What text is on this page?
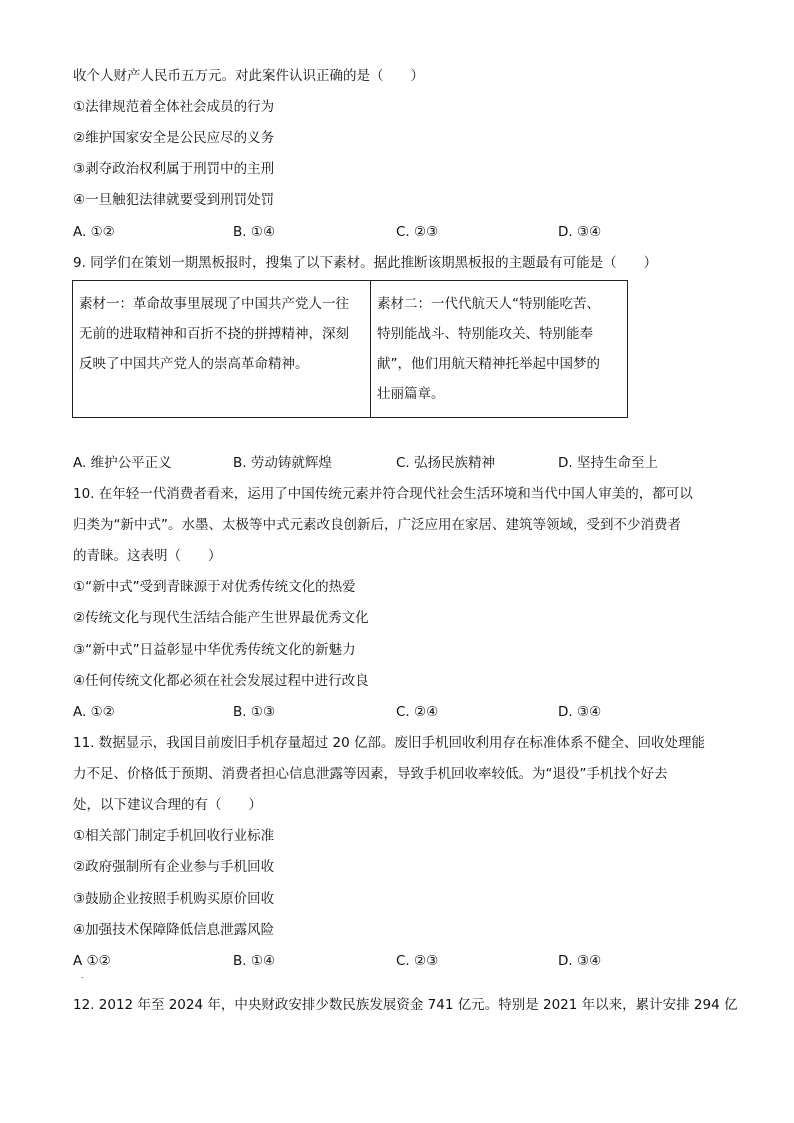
收个人财产人民币五万元。对此案件认识正确的是（　　）
①法律规范着全体社会成员的行为
②维护国家安全是公民应尽的义务
③剥夺政治权利属于刑罚中的主刑
④一旦触犯法律就要受到刑罚处罚
A. ①②	B. ①④	C. ②③	D. ③④
9. 同学们在策划一期黑板报时，搜集了以下素材。据此推断该期黑板报的主题最有可能是（　　）
素材一：革命故事里展现了中国共产党人一往
无前的进取精神和百折不挠的拼搏精神，深刻
反映了中国共产党人的崇高革命精神。

素材二：一代代航天人“特别能吃苦、
特别能战斗、特别能攻关、特别能奉
献”，他们用航天精神托举起中国梦的
壮丽篇章。
A. 维护公平正义	B. 劳动铸就辉煌	C. 弘扬民族精神	D. 坚持生命至上
10. 在年轻一代消费者看来，运用了中国传统元素并符合现代社会生活环境和当代中国人审美的，都可以
归类为“新中式”。水墨、太极等中式元素改良创新后，广泛应用在家居、建筑等领域，受到不少消费者
的青睐。这表明（　　）
①“新中式”受到青睐源于对优秀传统文化的热爱
②传统文化与现代生活结合能产生世界最优秀文化
③“新中式”日益彰显中华优秀传统文化的新魅力
④任何传统文化都必须在社会发展过程中进行改良
A. ①②	B. ①③	C. ②④	D. ③④
11. 数据显示，我国目前废旧手机存量超过 20 亿部。废旧手机回收利用存在标准体系不健全、回收处理能
力不足、价格低于预期、消费者担心信息泄露等因素，导致手机回收率较低。为“退役”手机找个好去
处，以下建议合理的有（　　）
①相关部门制定手机回收行业标准
②政府强制所有企业参与手机回收
③鼓励企业按照手机购买原价回收
④加强技术保障降低信息泄露风险
A ①②	B. ①④	C. ②③	D. ③④
.
12. 2012 年至 2024 年，中央财政安排少数民族发展资金 741 亿元。特别是 2021 年以来，累计安排 294 亿
